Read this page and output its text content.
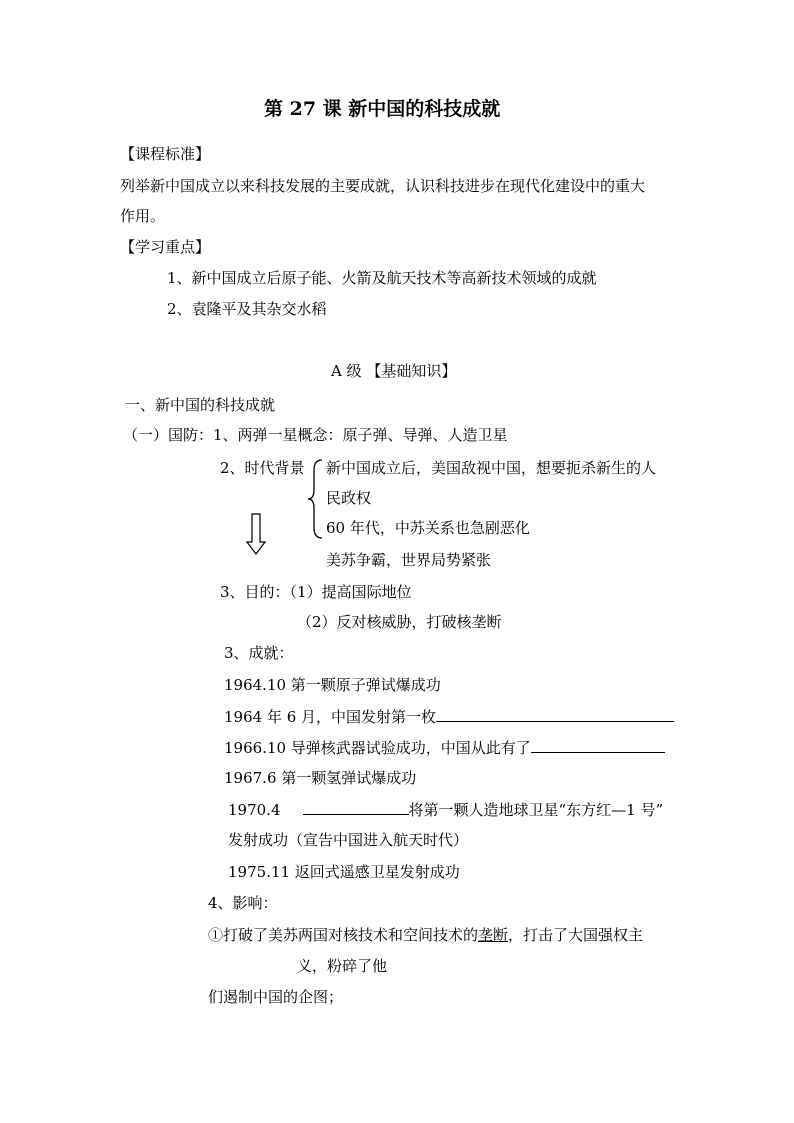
第 27 课 新中国的科技成就
【课程标准】
列举新中国成立以来科技发展的主要成就，认识科技进步在现代化建设中的重大
作用。
【学习重点】
1、新中国成立后原子能、火箭及航天技术等高新技术领域的成就
2、袁隆平及其杂交水稻
A 级 【基础知识】
一、新中国的科技成就
（一）国防：1、两弹一星概念：原子弹、导弹、人造卫星
2、时代背景 新中国成立后，美国敌视中国，想要扼杀新生的人
民政权
60 年代，中苏关系也急剧恶化
美苏争霸，世界局势紧张
3、目的：（1）提高国际地位
（2）反对核威胁，打破核垄断
3、成就：
1964.10 第一颗原子弹试爆成功
1964 年 6 月，中国发射第一枚
1966.10 导弹核武器试验成功，中国从此有了
1967.6 第一颗氢弹试爆成功
1970.4	将第一颗人造地球卫星“东方红—1 号”
发射成功（宣告中国进入航天时代）
1975.11 返回式遥感卫星发射成功
4、影响：
①打破了美苏两国对核技术和空间技术的垄断，打击了大国强权主
义，粉碎了他
们遏制中国的企图；
